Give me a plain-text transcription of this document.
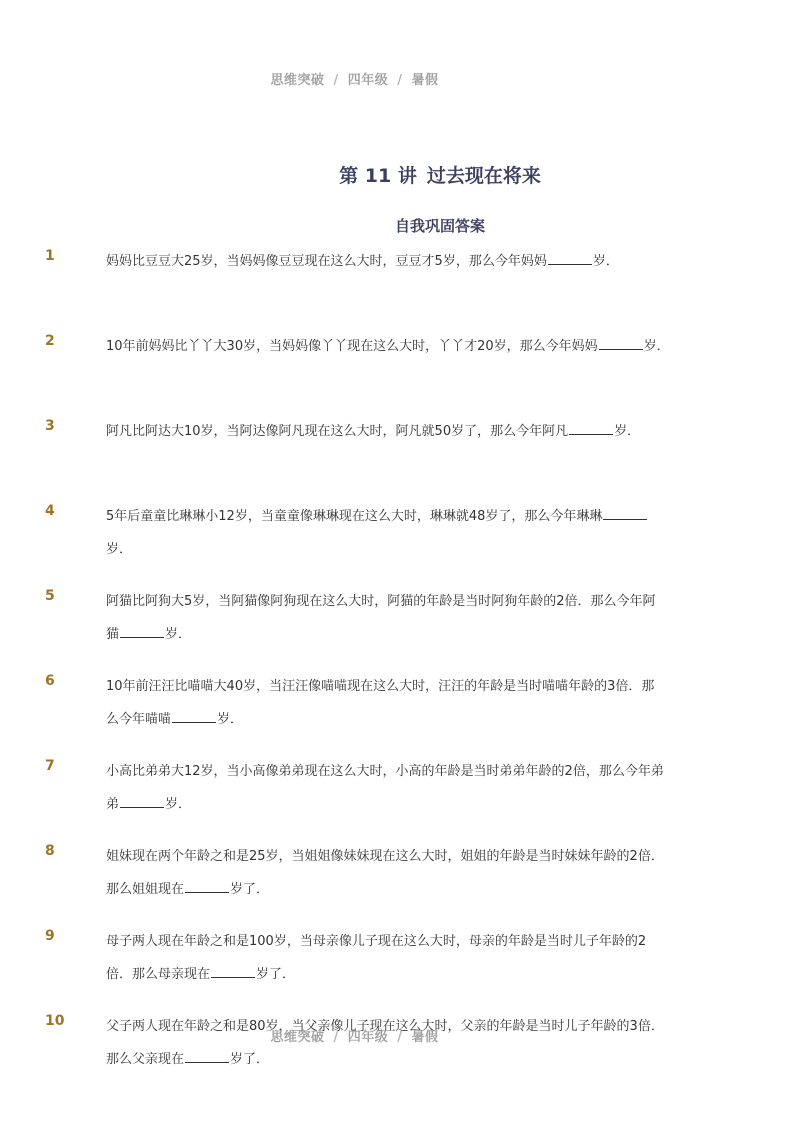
思维突破 / 四年级 / 暑假
第 11 讲 过去现在将来
自我巩固答案
1	妈妈比豆豆大25岁，当妈妈像豆豆现在这么大时，豆豆才5岁，那么今年妈妈	岁．

2	10年前妈妈比丫丫大30岁，当妈妈像丫丫现在这么大时，丫丫才20岁，那么今年妈妈	岁．

3	阿凡比阿达大10岁，当阿达像阿凡现在这么大时，阿凡就50岁了，那么今年阿凡	岁．

4	5年后童童比琳琳小12岁，当童童像琳琳现在这么大时，琳琳就48岁了，那么今年琳琳

岁．

5	阿猫比阿狗大5岁，当阿猫像阿狗现在这么大时，阿猫的年龄是当时阿狗年龄的2倍．那么今年阿

猫	岁．

6	10年前汪汪比喵喵大40岁，当汪汪像喵喵现在这么大时，汪汪的年龄是当时喵喵年龄的3倍．那

么今年喵喵	岁．

7	小高比弟弟大12岁，当小高像弟弟现在这么大时，小高的年龄是当时弟弟年龄的2倍，那么今年弟

弟	岁．

8	姐妹现在两个年龄之和是25岁，当姐姐像妹妹现在这么大时，姐姐的年龄是当时妹妹年龄的2倍．

那么姐姐现在	岁了．

9	母子两人现在年龄之和是100岁，当母亲像儿子现在这么大时，母亲的年龄是当时儿子年龄的2

倍．那么母亲现在	岁了．

10	父子两人现在年龄之和是80岁，当父亲像儿子现在这么大时，父亲的年龄是当时儿子年龄的3倍．

那么父亲现在	岁了．

思维突破 / 四年级 / 暑假
